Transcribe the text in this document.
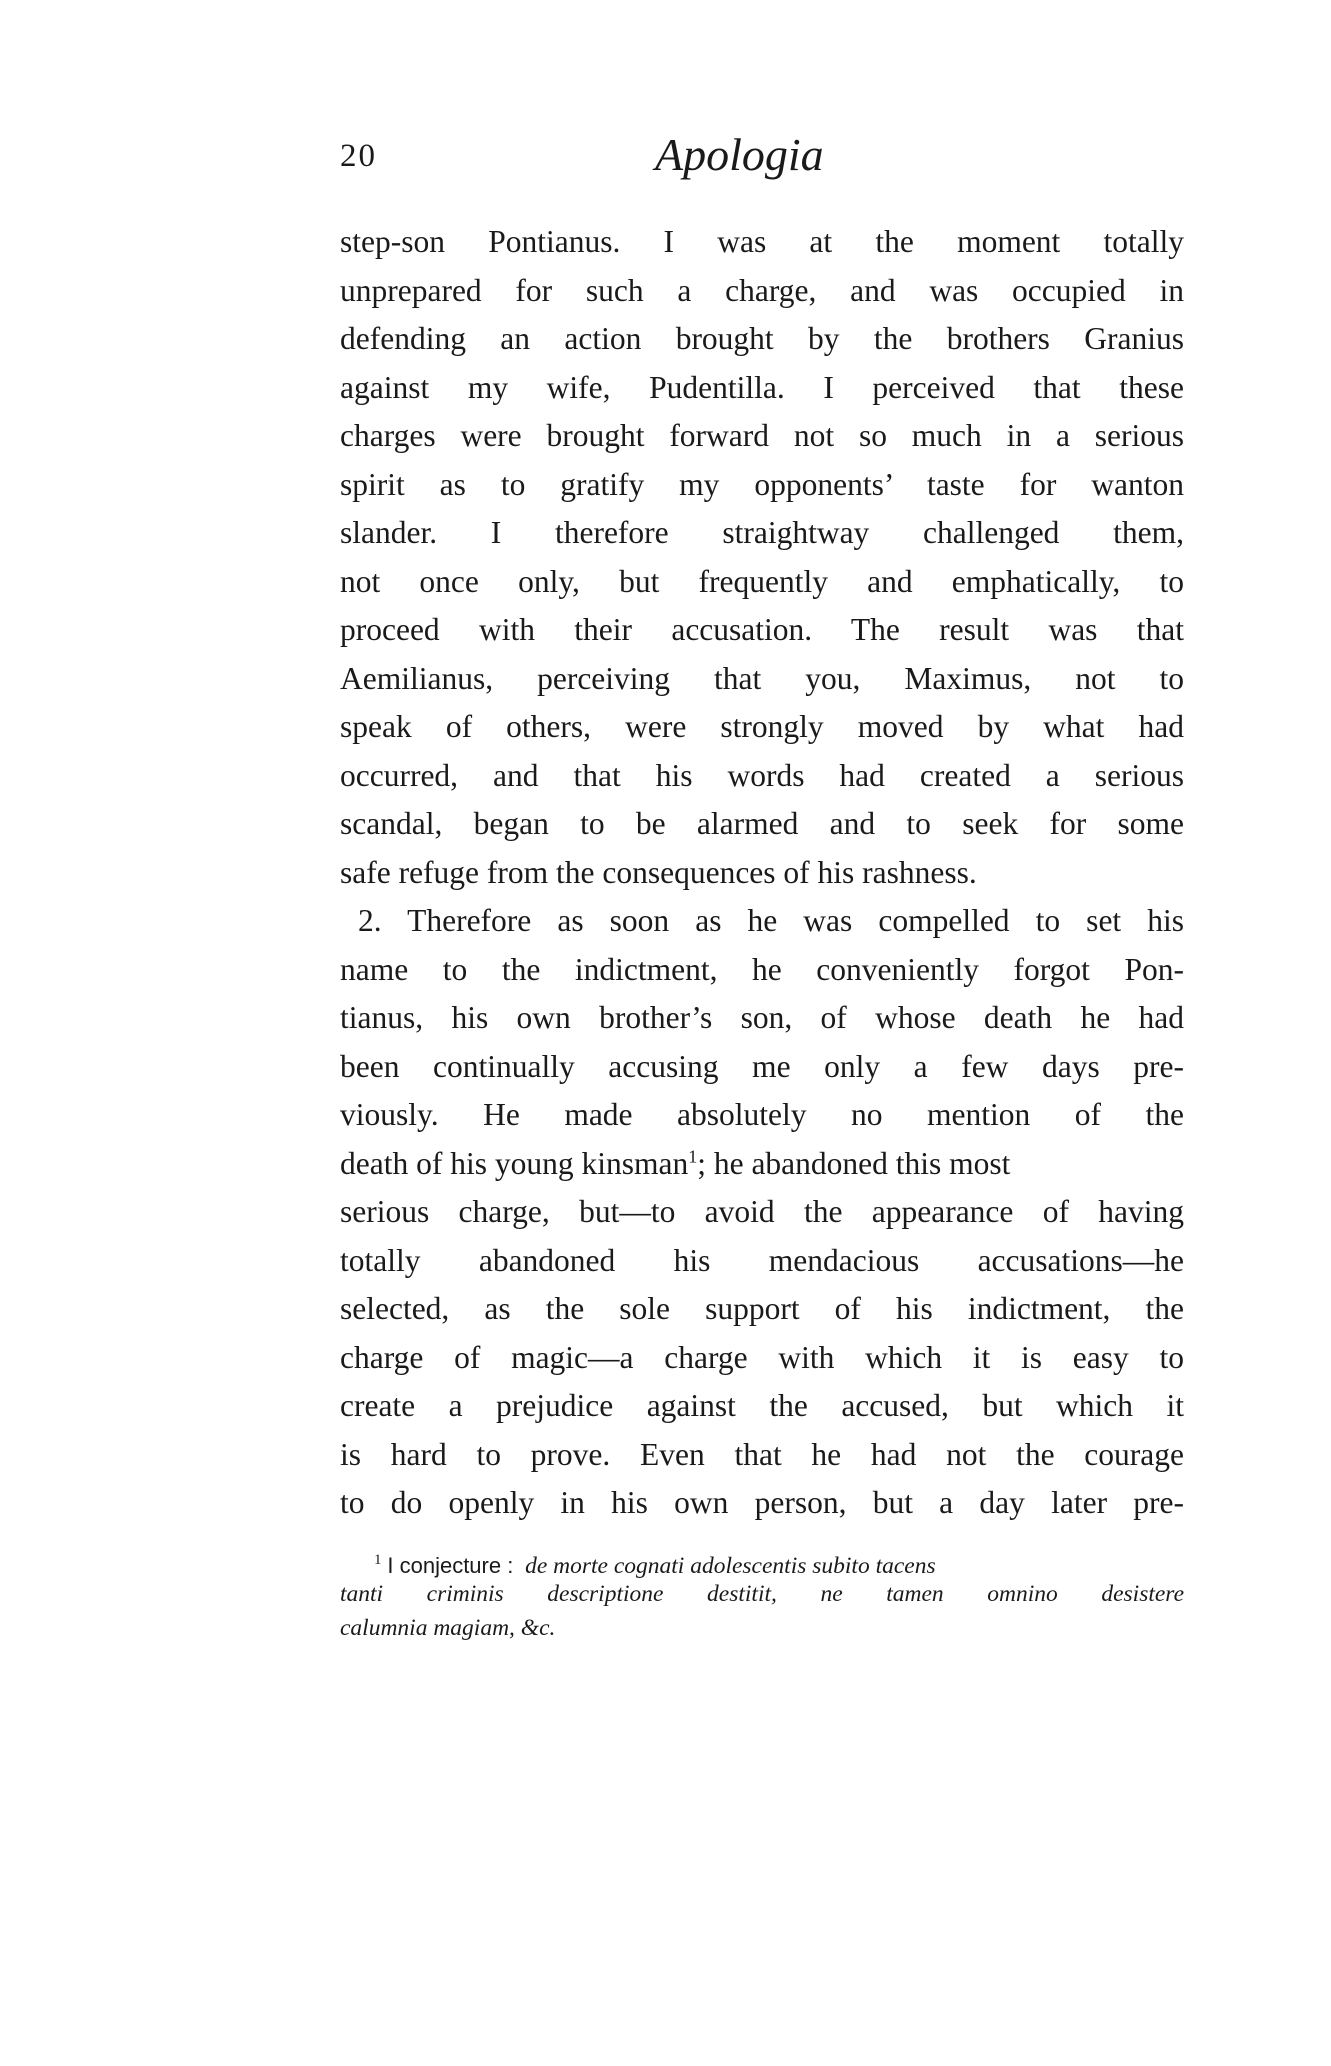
20	Apologia
step-son Pontianus. I was at the moment totally
unprepared for such a charge, and was occupied in
defending an action brought by the brothers Granius
against my wife, Pudentilla. I perceived that these
charges were brought forward not so much in a serious
spirit as to gratify my opponents’ taste for wanton
slander. I therefore straightway challenged them,
not once only, but frequently and emphatically, to
proceed with their accusation. The result was that
Aemilianus, perceiving that you, Maximus, not to
speak of others, were strongly moved by what had
occurred, and that his words had created a serious
scandal, began to be alarmed and to seek for some
safe refuge from the consequences of his rashness.
2. Therefore as soon as he was compelled to set his
name to the indictment, he conveniently forgot Pon-
tianus, his own brother’s son, of whose death he had
been continually accusing me only a few days pre-
viously. He made absolutely no mention of the
death of his young kinsman$^1$; he abandoned this most
serious charge, but—to avoid the appearance of having
totally abandoned his mendacious accusations—he
selected, as the sole support of his indictment, the
charge of magic—a charge with which it is easy to
create a prejudice against the accused, but which it
is hard to prove. Even that he had not the courage
to do openly in his own person, but a day later pre-
$^1$ I conjecture : de morte cognati adolescentis subito tacens
tanti criminis descriptione destitit, ne tamen omnino desistere
calumnia magiam, &c.
